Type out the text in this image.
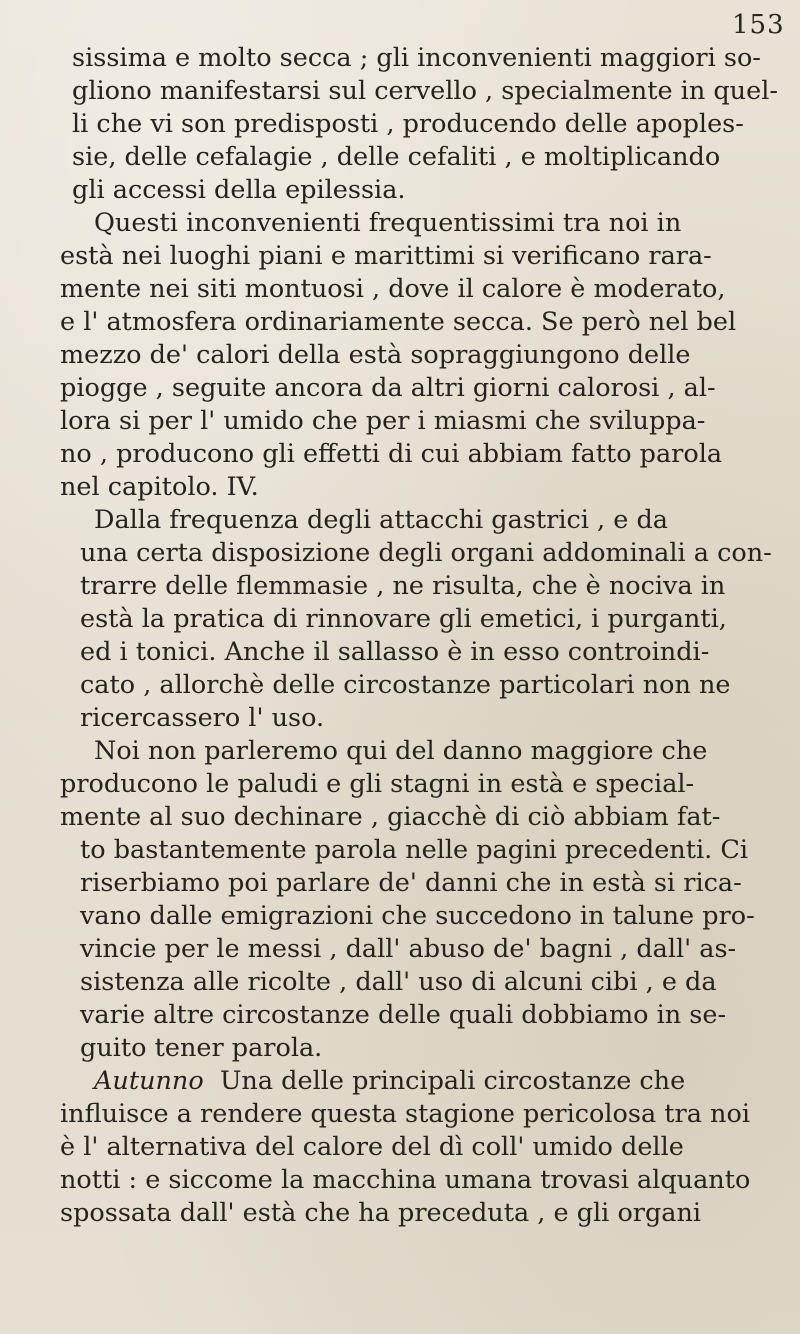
153
sissima e molto secca ; gli inconvenienti maggiori so-
gliono manifestarsi sul cervello , specialmente in quel-
li che vi son predisposti , producendo delle apoples-
sie, delle cefalagie , delle cefaliti , e moltiplicando
gli accessi della epilessia.
Questi inconvenienti frequentissimi tra noi in
està nei luoghi piani e marittimi si verificano rara-
mente nei siti montuosi , dove il calore è moderato,
e l' atmosfera ordinariamente secca. Se però nel bel
mezzo de' calori della està sopraggiungono delle
piogge , seguite ancora da altri giorni calorosi , al-
lora si per l' umido che per i miasmi che sviluppa-
no , producono gli effetti di cui abbiam fatto parola
nel capitolo. IV.
Dalla frequenza degli attacchi gastrici , e da
una certa disposizione degli organi addominali a con-
trarre delle flemmasie , ne risulta, che è nociva in
està la pratica di rinnovare gli emetici, i purganti,
ed i tonici. Anche il sallasso è in esso controindi-
cato , allorchè delle circostanze particolari non ne
ricercassero l' uso.
Noi non parleremo qui del danno maggiore che
producono le paludi e gli stagni in està e special-
mente al suo dechinare , giacchè di ciò abbiam fat-
to bastantemente parola nelle pagini precedenti. Ci
riserbiamo poi parlare de' danni che in està si rica-
vano dalle emigrazioni che succedono in talune pro-
vincie per le messi , dall' abuso de' bagni , dall' as-
sistenza alle ricolte , dall' uso di alcuni cibi , e da
varie altre circostanze delle quali dobbiamo in se-
guito tener parola.
Autunno Una delle principali circostanze che
influisce a rendere questa stagione pericolosa tra noi
è l' alternativa del calore del dì coll' umido delle
notti : e siccome la macchina umana trovasi alquanto
spossata dall' està che ha preceduta , e gli organi
